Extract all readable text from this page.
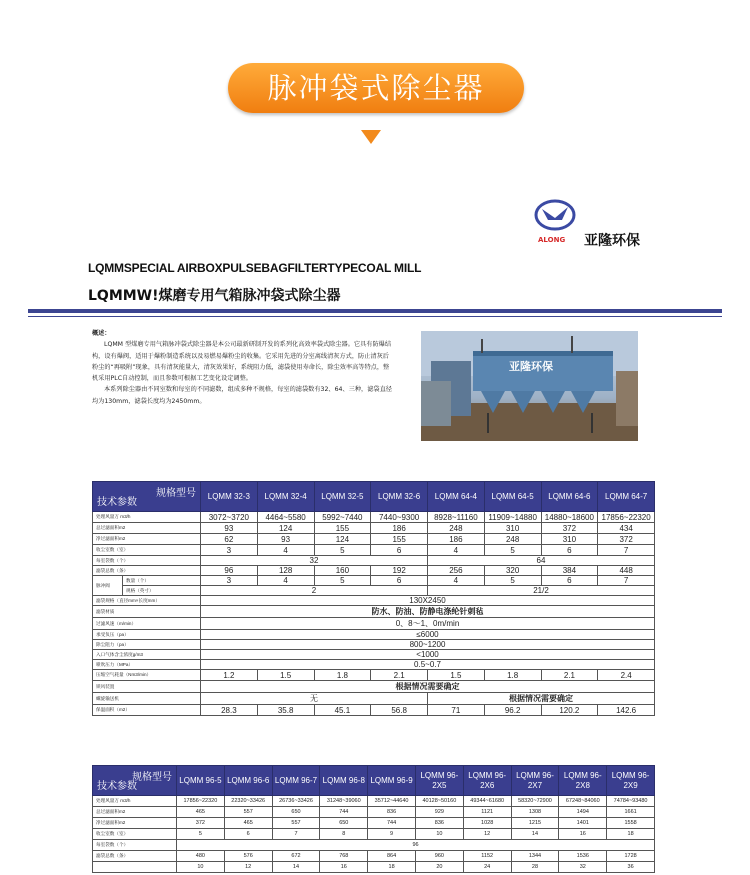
脉冲袋式除尘器
ALONG 亚隆环保
LQMMSPECIAL AIRBOXPULSEBAGFILTERTYPECOAL MILL
LQMMW!煤磨专用气箱脉冲袋式除尘器

概述：

LQMM 型煤磨专用气箱脉冲袋式除尘器是本公司最新研制开发的系列化高效率袋式除尘器。它具有防爆结构，设有爆阀，适用于爆粉制造系统以及易燃易爆粉尘的收集。它采用先进的分室离线清灰方式，防止清灰后粉尘的“再吸附”现象，具有清灰能量大，清灰效果好，系统阻力低，滤袋使用寿命长，除尘效率高等特点，整机采用PLC自动控制，而且参数可根据工艺变化设定调整。

本系列除尘器由不同室数和每室的不同滤数，组成多种不规格，每室的滤袋数有32、64、三种，滤袋直径均为130mm，滤袋长度均为2450mm。

亚隆环保
规格型号
技术参数		LQMM 32-3	LQMM 32-4	LQMM 32-5	LQMM 32-6	LQMM 64-4	LQMM 64-5	LQMM 64-6	LQMM 64-7
处理风量万 m3/h		3072~3720	4464~5580	5992~7440	7440~9300	8928~11160	11909~14880	14880~18600	17856~22320
总过滤面积m2		93	124	155	186	248	310	372	434
净过滤面积m2		62	93	124	155	186	248	310	372
收尘室数（室）		3	4	5	6	4	5	6	7
每室袋数（个）		32				64			
滤袋总数（条）		96	128	160	192	256	320	384	448
脉冲阀	数量（个）	3	4	5	6	4	5	6	7
	规格（英寸）	2				21/2			
滤袋规格（直径mm×长度mm）		130X2450							
滤袋材质		防水、防油、防静电涤纶针刺毡							
过滤风速（m/min）		0、8～1、0m/min							
承受负压（pa）		≤6000							
除尘阻力（pa）		800~1200							
入口气体含尘浓度g/m3		<1000							
喷吹压力（MPa）		0.5~0.7							
压缩空气耗量（Nm3/min）		1.2	1.5	1.8	2.1	1.5	1.8	2.1	2.4
锁风装置		根据情况需要确定							
螺旋输送机		无				根据情况需要确定			
保温面积（m2）		28.3	35.8	45.1	56.8	71	96.2	120.2	142.6
规格型号
技术参数	LQMM 96-5	LQMM 96-6	LQMM 96-7	LQMM 96-8	LQMM 96-9	LQMM 96-2X5	LQMM 96-2X6	LQMM 96-2X7	LQMM 96-2X8	LQMM 96-2X9
处理风量万 m3/h	17856~22320	22320~33426	26736~33426	31248~39060	35712~44640	40128~50160	49344~61680	58320~72900	67248~84060	74784~93480
总过滤面积m2	465	557	650	744	836	929	1121	1308	1494	1661
净过滤面积m2	372	465	557	650	744	836	1028	1215	1401	1558
收尘室数（室）	5	6	7	8	9	10	12	14	16	18
每室袋数（个）	96									
滤袋总数（条）	480	576	672	768	864	960	1152	1344	1536	1728
	10	12	14	16	18	20	24	28	32	36
